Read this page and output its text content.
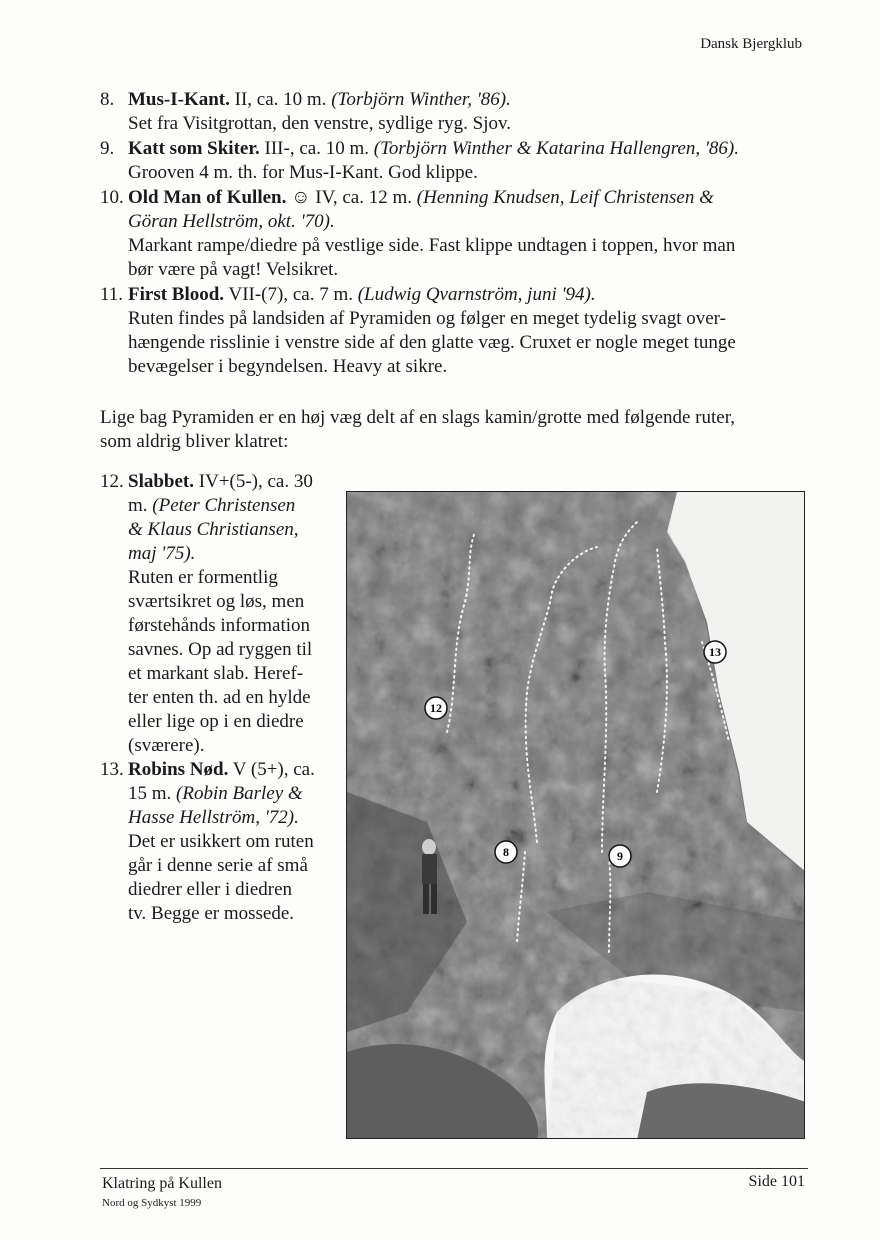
Dansk Bjergklub
8. Mus-I-Kant. II, ca. 10 m. (Torbjörn Winther, '86).
Set fra Visitgrottan, den venstre, sydlige ryg. Sjov.
9. Katt som Skiter. III-, ca. 10 m. (Torbjörn Winther & Katarina Hallengren, '86).
Grooven 4 m. th. for Mus-I-Kant. God klippe.
10. Old Man of Kullen. ☺ IV, ca. 12 m. (Henning Knudsen, Leif Christensen &
Göran Hellström, okt. '70).
Markant rampe/diedre på vestlige side. Fast klippe undtagen i toppen, hvor man
bør være på vagt! Velsikret.
11. First Blood. VII-(7), ca. 7 m. (Ludwig Qvarnström, juni '94).
Ruten findes på landsiden af Pyramiden og følger en meget tydelig svagt over-
hængende risslinie i venstre side af den glatte væg. Cruxet er nogle meget tunge
bevægelser i begyndelsen. Heavy at sikre.
Lige bag Pyramiden er en høj væg delt af en slags kamin/grotte med følgende ruter,
som aldrig bliver klatret:
12. Slabbet. IV+(5-), ca. 30
m. (Peter Christensen
& Klaus Christiansen,
maj '75).
Ruten er formentlig
sværtsikret og løs, men
førstehånds information
savnes. Op ad ryggen til
et markant slab. Heref-
ter enten th. ad en hylde
eller lige op i en diedre
(sværere).
13. Robins Nød. V (5+), ca.
15 m. (Robin Barley &
Hasse Hellström, '72).
Det er usikkert om ruten
går i denne serie af små
diedrer eller i diedren
tv. Begge er mossede.
12
13
8	9
Klatring på Kullen
Nord og Sydkyst 1999
Side 101
